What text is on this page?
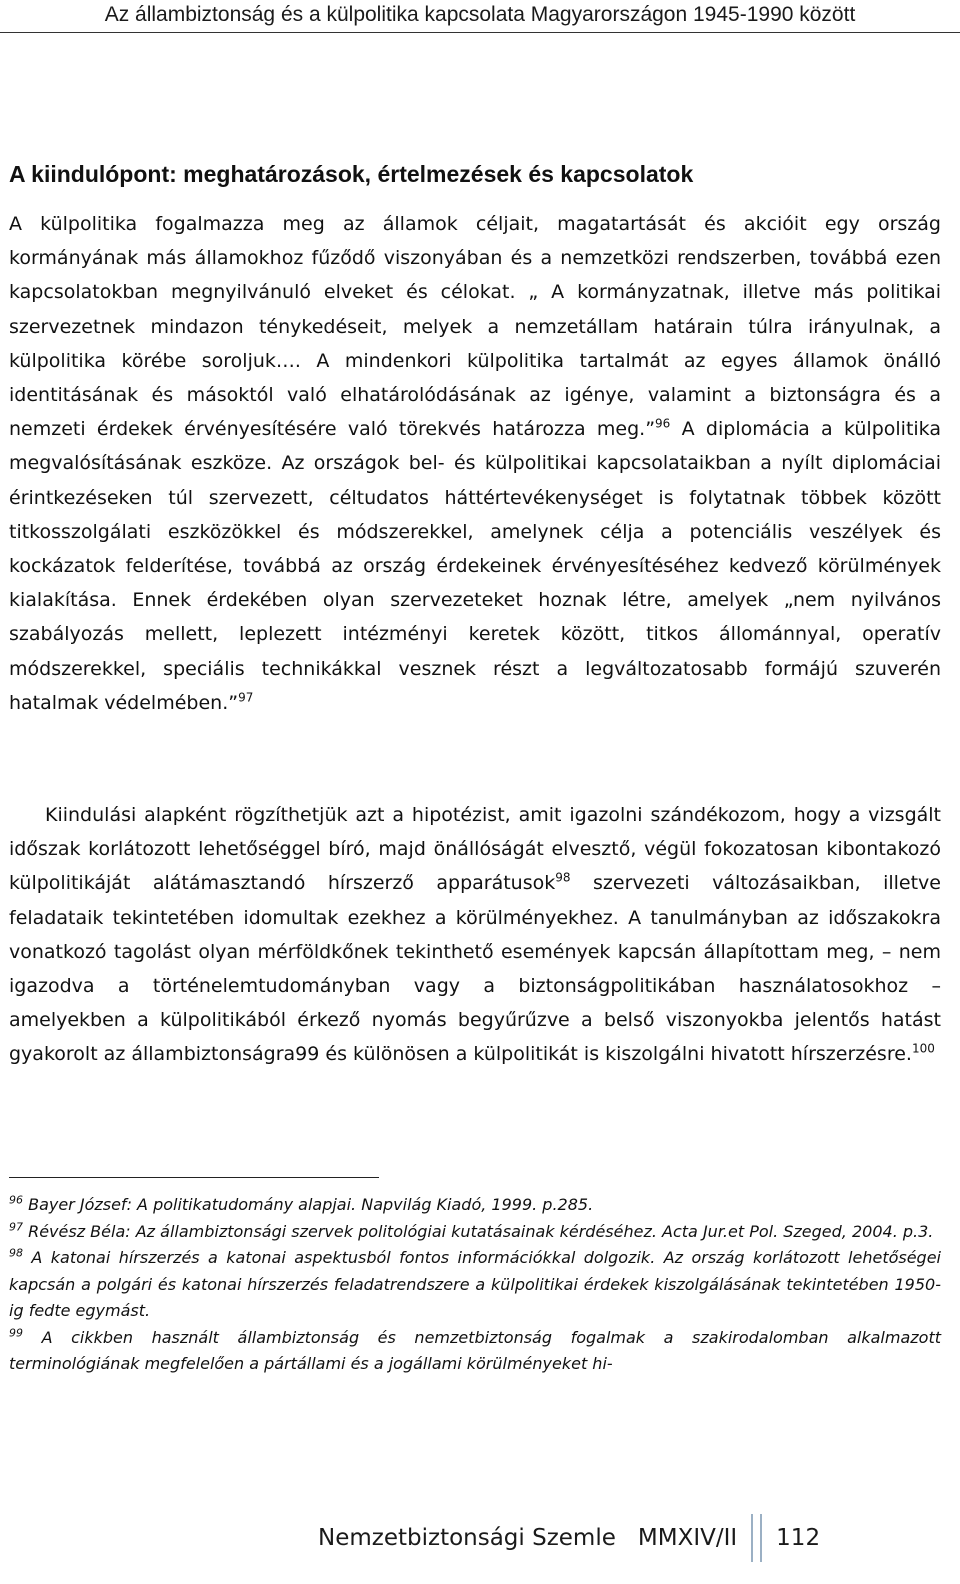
Az állambiztonság és a külpolitika kapcsolata Magyarországon 1945-1990 között
A kiindulópont: meghatározások, értelmezések és kapcsolatok

A külpolitika fogalmazza meg az államok céljait, magatartását és akcióit egy ország kormányának más államokhoz fűződő viszonyában és a nemzetközi rendszerben, továbbá ezen kapcsolatokban megnyilvánuló elveket és célokat. „ A kormányzatnak, illetve más politikai szervezetnek mindazon ténykedéseit, melyek a nemzetállam határain túlra irányulnak, a külpolitika körébe soroljuk…. A mindenkori külpolitika tartalmát az egyes államok önálló identitásának és másoktól való elhatárolódásának az igénye, valamint a biztonságra és a nemzeti érdekek érvényesítésére való törekvés határozza meg.”$^{96}$ A diplomácia a külpolitika megvalósításának eszköze. Az országok bel- és külpolitikai kapcsolataikban a nyílt diplomáciai érintkezéseken túl szervezett, céltudatos háttértevékenységet is folytatnak többek között titkosszolgálati eszközökkel és módszerekkel, amelynek célja a potenciális veszélyek és kockázatok felderítése, továbbá az ország érdekeinek érvényesítéséhez kedvező körülmények kialakítása. Ennek érdekében olyan szervezeteket hoznak létre, amelyek „nem nyilvános szabályozás mellett, leplezett intézményi keretek között, titkos állománnyal, operatív módszerekkel, speciális technikákkal vesznek részt a legváltozatosabb formájú szuverén hatalmak védelmében.”$^{97}$

Kiindulási alapként rögzíthetjük azt a hipotézist, amit igazolni szándékozom, hogy a vizsgált időszak korlátozott lehetőséggel bíró, majd önállóságát elvesztő, végül fokozatosan kibontakozó külpolitikáját alátámasztandó hírszerző apparátusok$^{98}$ szervezeti változásaikban, illetve feladataik tekintetében idomultak ezekhez a körülményekhez. A tanulmányban az időszakokra vonatkozó tagolást olyan mérföldkőnek tekinthető események kapcsán állapítottam meg, – nem igazodva a történelemtudományban vagy a biztonságpolitikában használatosokhoz – amelyekben a külpolitikából érkező nyomás begyűrűzve a belső viszonyokba jelentős hatást gyakorolt az állambiztonságra99 és különösen a külpolitikát is kiszolgálni hivatott hírszerzésre.$^{100}$

$^{96}$ Bayer József: A politikatudomány alapjai. Napvilág Kiadó, 1999. p.285.

$^{97}$ Révész Béla: Az állambiztonsági szervek politológiai kutatásainak kérdéséhez. Acta Jur.et Pol. Szeged, 2004. p.3.

$^{98}$ A katonai hírszerzés a katonai aspektusból fontos információkkal dolgozik. Az ország korlátozott lehetőségei kapcsán a polgári és katonai hírszerzés feladatrendszere a külpolitikai érdekek kiszolgálásának tekintetében 1950-ig fedte egymást.

$^{99}$ A cikkben használt állambiztonság és nemzetbiztonság fogalmak a szakirodalomban alkalmazott terminológiának megfelelően a pártállami és a jogállami körülményeket hi-

Nemzetbiztonsági Szemle MMXIV/II 112
